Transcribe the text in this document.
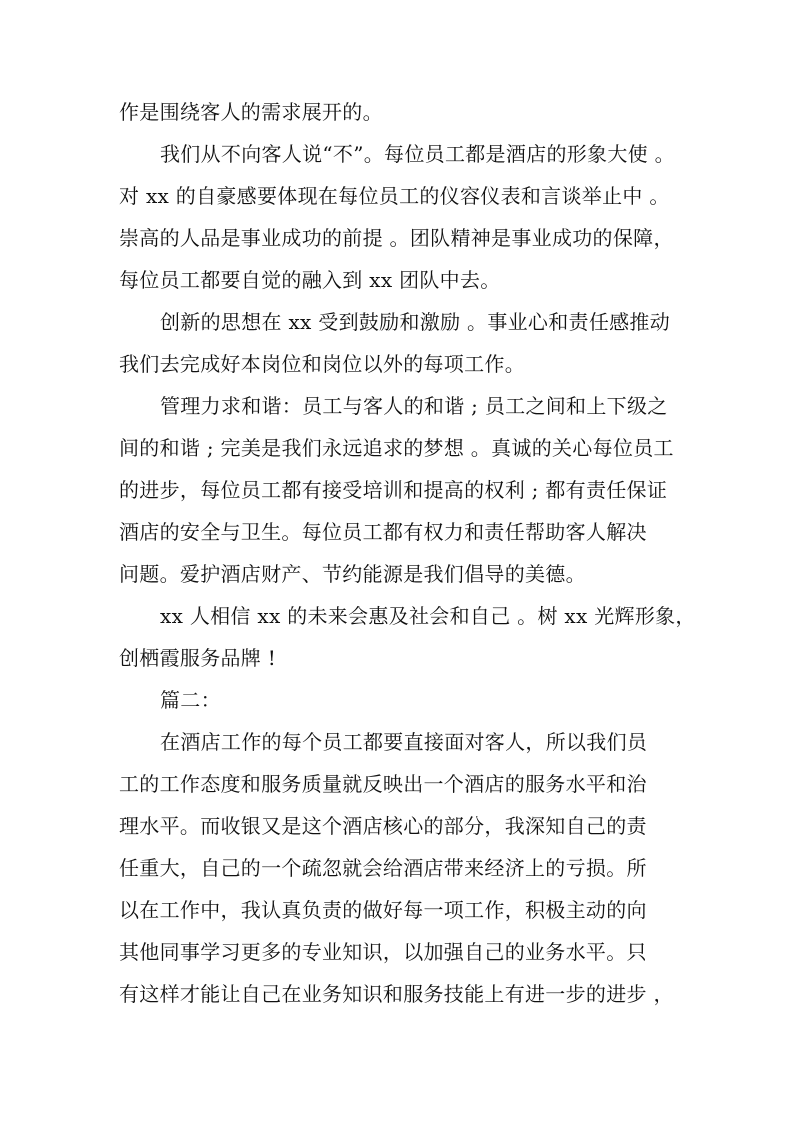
作是围绕客人的需求展开的。
我们从不向客人说“不”。每位员工都是酒店的形象大使 。
对 xx 的自豪感要体现在每位员工的仪容仪表和言谈举止中 。
崇高的人品是事业成功的前提 。团队精神是事业成功的保障，
每位员工都要自觉的融入到 xx 团队中去。
创新的思想在 xx 受到鼓励和激励 。事业心和责任感推动
我们去完成好本岗位和岗位以外的每项工作。
管理力求和谐：员工与客人的和谐 ; 员工之间和上下级之
间的和谐 ; 完美是我们永远追求的梦想 。真诚的关心每位员工
的进步，每位员工都有接受培训和提高的权利 ; 都有责任保证
酒店的安全与卫生。每位员工都有权力和责任帮助客人解决
问题。爱护酒店财产、节约能源是我们倡导的美德。
xx 人相信 xx 的未来会惠及社会和自己 。树 xx 光辉形象，
创栖霞服务品牌 !
篇二：
在酒店工作的每个员工都要直接面对客人，所以我们员
工的工作态度和服务质量就反映出一个酒店的服务水平和治
理水平。而收银又是这个酒店核心的部分，我深知自己的责
任重大，自己的一个疏忽就会给酒店带来经济上的亏损。所
以在工作中，我认真负责的做好每一项工作，积极主动的向
其他同事学习更多的专业知识，以加强自己的业务水平。只
有这样才能让自己在业务知识和服务技能上有进一步的进步 ，
